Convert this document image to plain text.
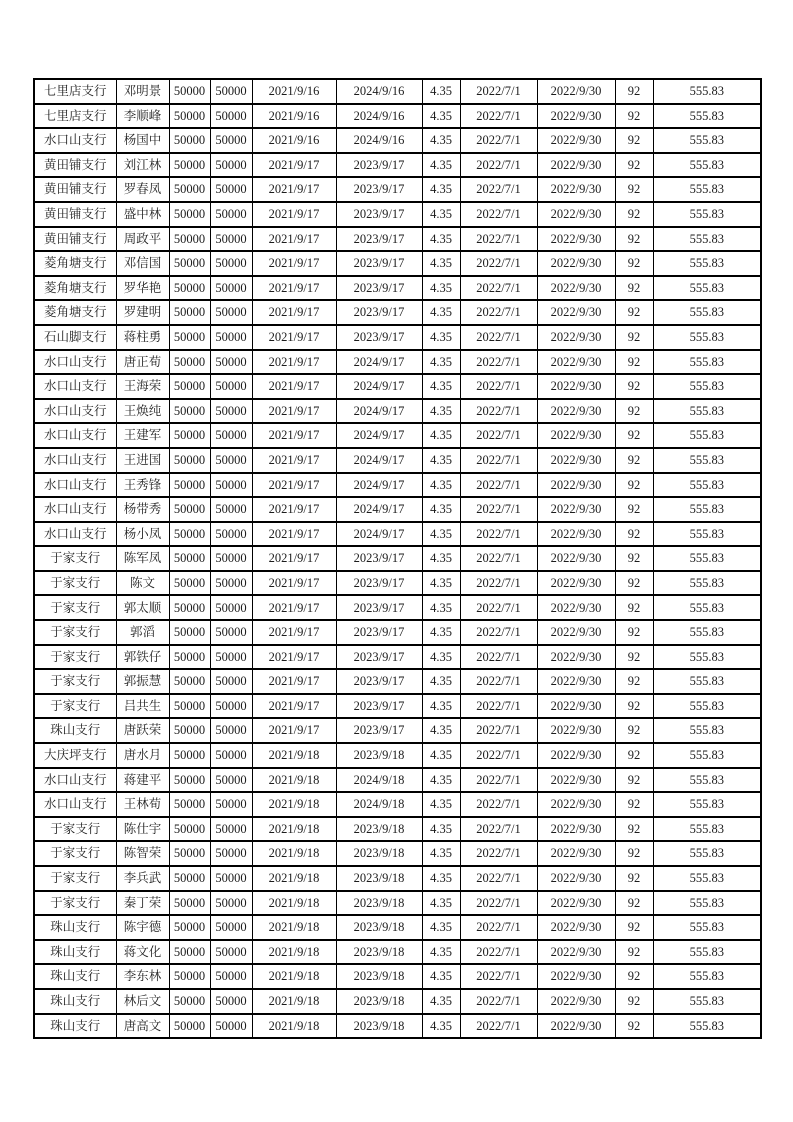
七里店支行	邓明景	50000	50000	2021/9/16	2024/9/16	4.35	2022/7/1	2022/9/30	92	555.83
七里店支行	李顺峰	50000	50000	2021/9/16	2024/9/16	4.35	2022/7/1	2022/9/30	92	555.83
水口山支行	杨国中	50000	50000	2021/9/16	2024/9/16	4.35	2022/7/1	2022/9/30	92	555.83
黄田铺支行	刘江林	50000	50000	2021/9/17	2023/9/17	4.35	2022/7/1	2022/9/30	92	555.83
黄田铺支行	罗春凤	50000	50000	2021/9/17	2023/9/17	4.35	2022/7/1	2022/9/30	92	555.83
黄田铺支行	盛中林	50000	50000	2021/9/17	2023/9/17	4.35	2022/7/1	2022/9/30	92	555.83
黄田铺支行	周政平	50000	50000	2021/9/17	2023/9/17	4.35	2022/7/1	2022/9/30	92	555.83
菱角塘支行	邓信国	50000	50000	2021/9/17	2023/9/17	4.35	2022/7/1	2022/9/30	92	555.83
菱角塘支行	罗华艳	50000	50000	2021/9/17	2023/9/17	4.35	2022/7/1	2022/9/30	92	555.83
菱角塘支行	罗建明	50000	50000	2021/9/17	2023/9/17	4.35	2022/7/1	2022/9/30	92	555.83
石山脚支行	蒋柱勇	50000	50000	2021/9/17	2023/9/17	4.35	2022/7/1	2022/9/30	92	555.83
水口山支行	唐正荀	50000	50000	2021/9/17	2024/9/17	4.35	2022/7/1	2022/9/30	92	555.83
水口山支行	王海荣	50000	50000	2021/9/17	2024/9/17	4.35	2022/7/1	2022/9/30	92	555.83
水口山支行	王焕纯	50000	50000	2021/9/17	2024/9/17	4.35	2022/7/1	2022/9/30	92	555.83
水口山支行	王建军	50000	50000	2021/9/17	2024/9/17	4.35	2022/7/1	2022/9/30	92	555.83
水口山支行	王进国	50000	50000	2021/9/17	2024/9/17	4.35	2022/7/1	2022/9/30	92	555.83
水口山支行	王秀锋	50000	50000	2021/9/17	2024/9/17	4.35	2022/7/1	2022/9/30	92	555.83
水口山支行	杨带秀	50000	50000	2021/9/17	2024/9/17	4.35	2022/7/1	2022/9/30	92	555.83
水口山支行	杨小凤	50000	50000	2021/9/17	2024/9/17	4.35	2022/7/1	2022/9/30	92	555.83
于家支行	陈军凤	50000	50000	2021/9/17	2023/9/17	4.35	2022/7/1	2022/9/30	92	555.83
于家支行	陈文	50000	50000	2021/9/17	2023/9/17	4.35	2022/7/1	2022/9/30	92	555.83
于家支行	郭太顺	50000	50000	2021/9/17	2023/9/17	4.35	2022/7/1	2022/9/30	92	555.83
于家支行	郭滔	50000	50000	2021/9/17	2023/9/17	4.35	2022/7/1	2022/9/30	92	555.83
于家支行	郭铁仔	50000	50000	2021/9/17	2023/9/17	4.35	2022/7/1	2022/9/30	92	555.83
于家支行	郭振慧	50000	50000	2021/9/17	2023/9/17	4.35	2022/7/1	2022/9/30	92	555.83
于家支行	吕共生	50000	50000	2021/9/17	2023/9/17	4.35	2022/7/1	2022/9/30	92	555.83
珠山支行	唐跃荣	50000	50000	2021/9/17	2023/9/17	4.35	2022/7/1	2022/9/30	92	555.83
大庆坪支行	唐水月	50000	50000	2021/9/18	2023/9/18	4.35	2022/7/1	2022/9/30	92	555.83
水口山支行	蒋建平	50000	50000	2021/9/18	2024/9/18	4.35	2022/7/1	2022/9/30	92	555.83
水口山支行	王林荀	50000	50000	2021/9/18	2024/9/18	4.35	2022/7/1	2022/9/30	92	555.83
于家支行	陈仕宇	50000	50000	2021/9/18	2023/9/18	4.35	2022/7/1	2022/9/30	92	555.83
于家支行	陈智荣	50000	50000	2021/9/18	2023/9/18	4.35	2022/7/1	2022/9/30	92	555.83
于家支行	李兵武	50000	50000	2021/9/18	2023/9/18	4.35	2022/7/1	2022/9/30	92	555.83
于家支行	秦丁荣	50000	50000	2021/9/18	2023/9/18	4.35	2022/7/1	2022/9/30	92	555.83
珠山支行	陈宇德	50000	50000	2021/9/18	2023/9/18	4.35	2022/7/1	2022/9/30	92	555.83
珠山支行	蒋文化	50000	50000	2021/9/18	2023/9/18	4.35	2022/7/1	2022/9/30	92	555.83
珠山支行	李东林	50000	50000	2021/9/18	2023/9/18	4.35	2022/7/1	2022/9/30	92	555.83
珠山支行	林后文	50000	50000	2021/9/18	2023/9/18	4.35	2022/7/1	2022/9/30	92	555.83
珠山支行	唐高文	50000	50000	2021/9/18	2023/9/18	4.35	2022/7/1	2022/9/30	92	555.83
